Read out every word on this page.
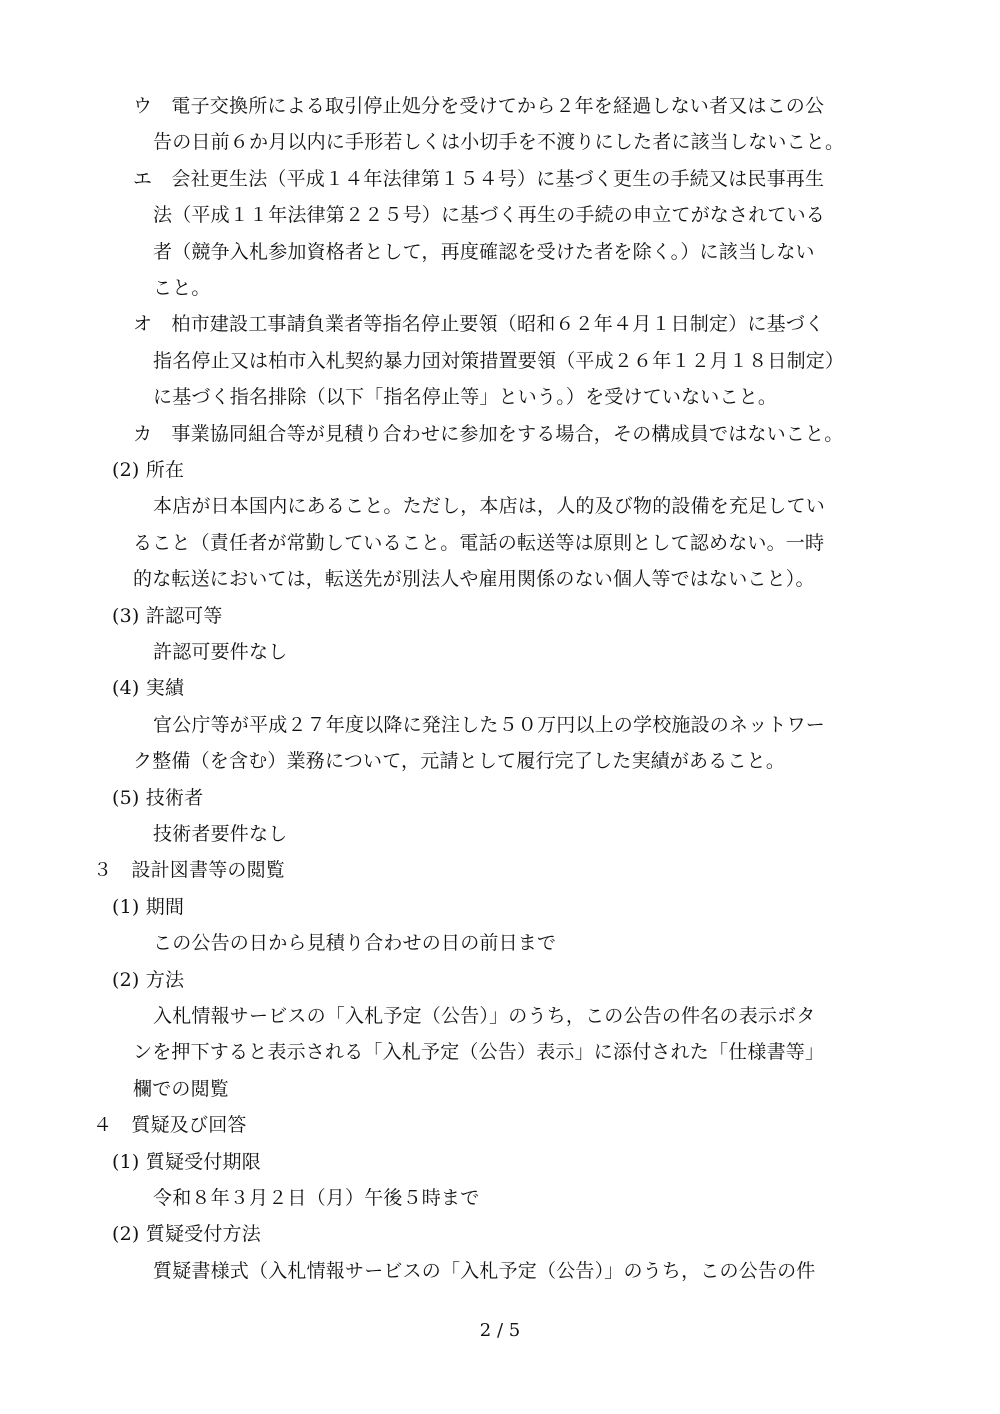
ウ　電子交換所による取引停止処分を受けてから２年を経過しない者又はこの公
告の日前６か月以内に手形若しくは小切手を不渡りにした者に該当しないこと。
エ　会社更生法（平成１４年法律第１５４号）に基づく更生の手続又は民事再生
法（平成１１年法律第２２５号）に基づく再生の手続の申立てがなされている
者（競争入札参加資格者として，再度確認を受けた者を除く。）に該当しない
こと。
オ　柏市建設工事請負業者等指名停止要領（昭和６２年４月１日制定）に基づく
指名停止又は柏市入札契約暴力団対策措置要領（平成２６年１２月１８日制定）
に基づく指名排除（以下「指名停止等」という。）を受けていないこと。
カ　事業協同組合等が見積り合わせに参加をする場合，その構成員ではないこと。
(2) 所在
本店が日本国内にあること。ただし，本店は，人的及び物的設備を充足してい
ること（責任者が常勤していること。電話の転送等は原則として認めない。一時
的な転送においては，転送先が別法人や雇用関係のない個人等ではないこと）。
(3) 許認可等
許認可要件なし
(4) 実績
官公庁等が平成２７年度以降に発注した５０万円以上の学校施設のネットワー
ク整備（を含む）業務について，元請として履行完了した実績があること。
(5) 技術者
技術者要件なし
３　設計図書等の閲覧
(1) 期間
この公告の日から見積り合わせの日の前日まで
(2) 方法
入札情報サービスの「入札予定（公告）」のうち，この公告の件名の表示ボタ
ンを押下すると表示される「入札予定（公告）表示」に添付された「仕様書等」
欄での閲覧
４　質疑及び回答
(1) 質疑受付期限
令和８年３月２日（月）午後５時まで
(2) 質疑受付方法
質疑書様式（入札情報サービスの「入札予定（公告）」のうち，この公告の件
2 / 5
